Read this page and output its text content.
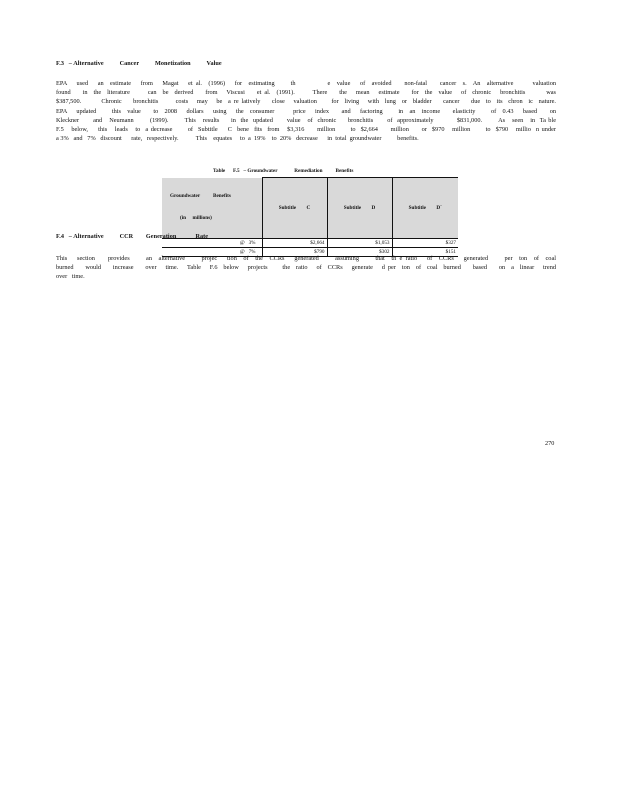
F.3   – Alternative          Cancer          Monetization          Value
EPA   used   an  estimate   from   Magat   et al.  (1996)   for  estimating     th          e  value   of  avoided    non-fatal    cancer  s.  An  alternative      valuation
found    in  the  literature      can  be  derived    from   Viscusi    et al.  (1991).      There    the   mean   estimate    for  the  value   of  chronic   bronchitis       was
$387,500.       Chronic    bronchitis      costs   may   be  a re latively    close   valuation     for  living   with  lung  or  bladder    cancer    due  to  its  chron  ic  nature.
EPA   updated     this  value    to  2008   dollars   using   the  consumer      price   index    and   factoring     in  an  income    elasticity     of  0.43   based    on
Kleckner      and   Neumann       (1999).       This   results     in  the  updated      value   of  chronic     bronchitis      of  approximately          $831,000.       As   seen   in  Ta ble
F.5   below,    this   leads   to  a decrease      of  Subtitle    C  bene  fits  from   $3,316     million      to  $2,664     million     or  $970   million      to  $790   millio  n under
a 3%   and   7%   discount      rate,   respectively.           This    equates     to  a  19%    to  20%   decrease      in  total  groundwater          benefits.
Table      F.5   – Groundwater             Remediation          Benefits

Groundwater          Benefits

(in     millions)	Subtitle        C	Subtitle        D	Subtitle        D´
@   3%	$2,664	$1,053	$327
@   7%	$790	$302	$151
F.4   – Alternative          CCR        Generation            Rate
This   section    provides     an  alternative     projec   tion  of  the  CCRs   generated     assuming     that  th e ratio   of  CCRs   generated     per  ton  of  coal
burned    would    increase    over   time.   Table   F.6  below   projects     the  ratio   of  CCRs   generate   d per  ton  of  coal  burned    based    on  a  linear   trend
over   time.
270
